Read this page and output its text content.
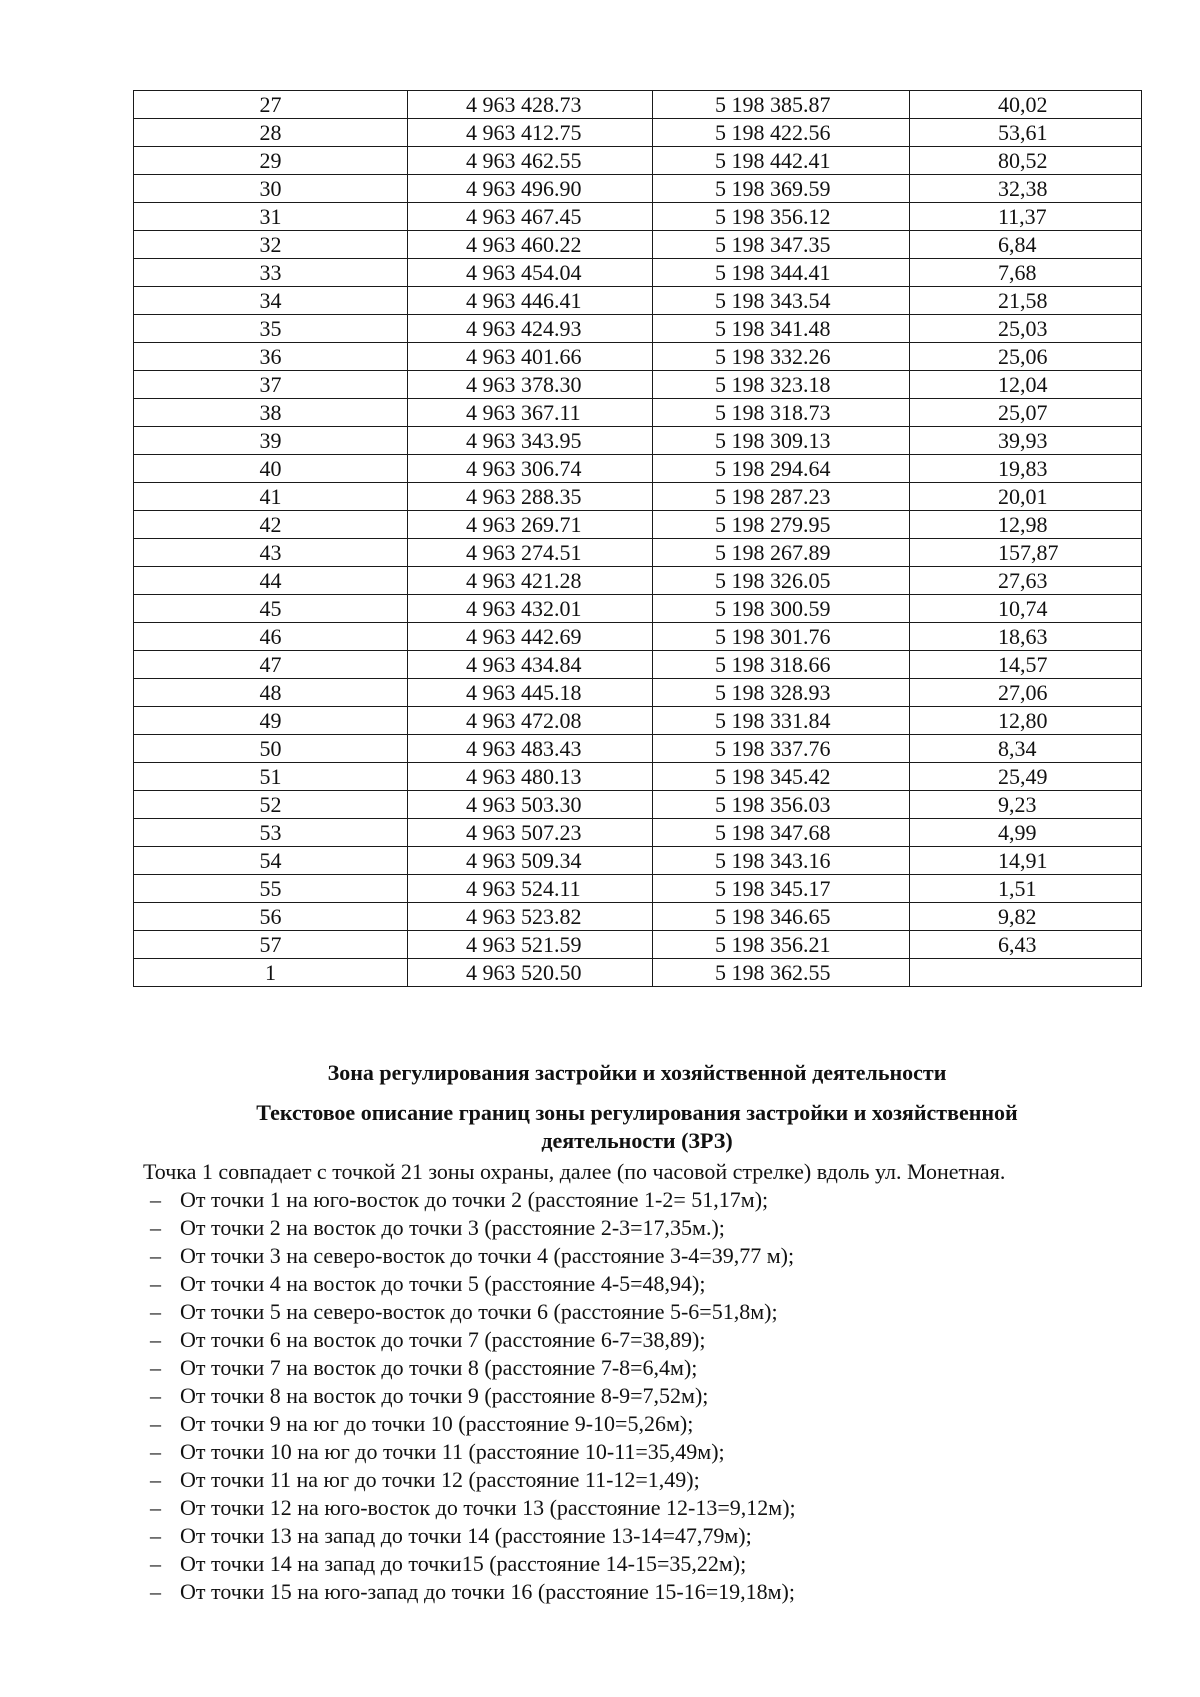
27	4 963 428.73	5 198 385.87	40,02
28	4 963 412.75	5 198 422.56	53,61
29	4 963 462.55	5 198 442.41	80,52
30	4 963 496.90	5 198 369.59	32,38
31	4 963 467.45	5 198 356.12	11,37
32	4 963 460.22	5 198 347.35	6,84
33	4 963 454.04	5 198 344.41	7,68
34	4 963 446.41	5 198 343.54	21,58
35	4 963 424.93	5 198 341.48	25,03
36	4 963 401.66	5 198 332.26	25,06
37	4 963 378.30	5 198 323.18	12,04
38	4 963 367.11	5 198 318.73	25,07
39	4 963 343.95	5 198 309.13	39,93
40	4 963 306.74	5 198 294.64	19,83
41	4 963 288.35	5 198 287.23	20,01
42	4 963 269.71	5 198 279.95	12,98
43	4 963 274.51	5 198 267.89	157,87
44	4 963 421.28	5 198 326.05	27,63
45	4 963 432.01	5 198 300.59	10,74
46	4 963 442.69	5 198 301.76	18,63
47	4 963 434.84	5 198 318.66	14,57
48	4 963 445.18	5 198 328.93	27,06
49	4 963 472.08	5 198 331.84	12,80
50	4 963 483.43	5 198 337.76	8,34
51	4 963 480.13	5 198 345.42	25,49
52	4 963 503.30	5 198 356.03	9,23
53	4 963 507.23	5 198 347.68	4,99
54	4 963 509.34	5 198 343.16	14,91
55	4 963 524.11	5 198 345.17	1,51
56	4 963 523.82	5 198 346.65	9,82
57	4 963 521.59	5 198 356.21	6,43
1	4 963 520.50	5 198 362.55	
Зона регулирования застройки и хозяйственной деятельности
Текстовое описание границ зоны регулирования застройки и хозяйственной
деятельности (ЗРЗ)
Точка 1 совпадает с точкой 21 зоны охраны, далее (по часовой стрелке) вдоль ул. Монетная.
– От точки 1 на юго-восток до точки 2 (расстояние 1-2= 51,17м);
– От точки 2 на восток до точки 3 (расстояние 2-3=17,35м.);
– От точки 3 на северо-восток до точки 4 (расстояние 3-4=39,77 м);
– От точки 4 на восток до точки 5 (расстояние 4-5=48,94);
– От точки 5 на северо-восток до точки 6 (расстояние 5-6=51,8м);
– От точки 6 на восток до точки 7 (расстояние 6-7=38,89);
– От точки 7 на восток до точки 8 (расстояние 7-8=6,4м);
– От точки 8 на восток до точки 9 (расстояние 8-9=7,52м);
– От точки 9 на юг до точки 10 (расстояние 9-10=5,26м);
– От точки 10 на юг до точки 11 (расстояние 10-11=35,49м);
– От точки 11 на юг до точки 12 (расстояние 11-12=1,49);
– От точки 12 на юго-восток до точки 13 (расстояние 12-13=9,12м);
– От точки 13 на запад до точки 14 (расстояние 13-14=47,79м);
– От точки 14 на запад до точки15 (расстояние 14-15=35,22м);
– От точки 15 на юго-запад до точки 16 (расстояние 15-16=19,18м);
